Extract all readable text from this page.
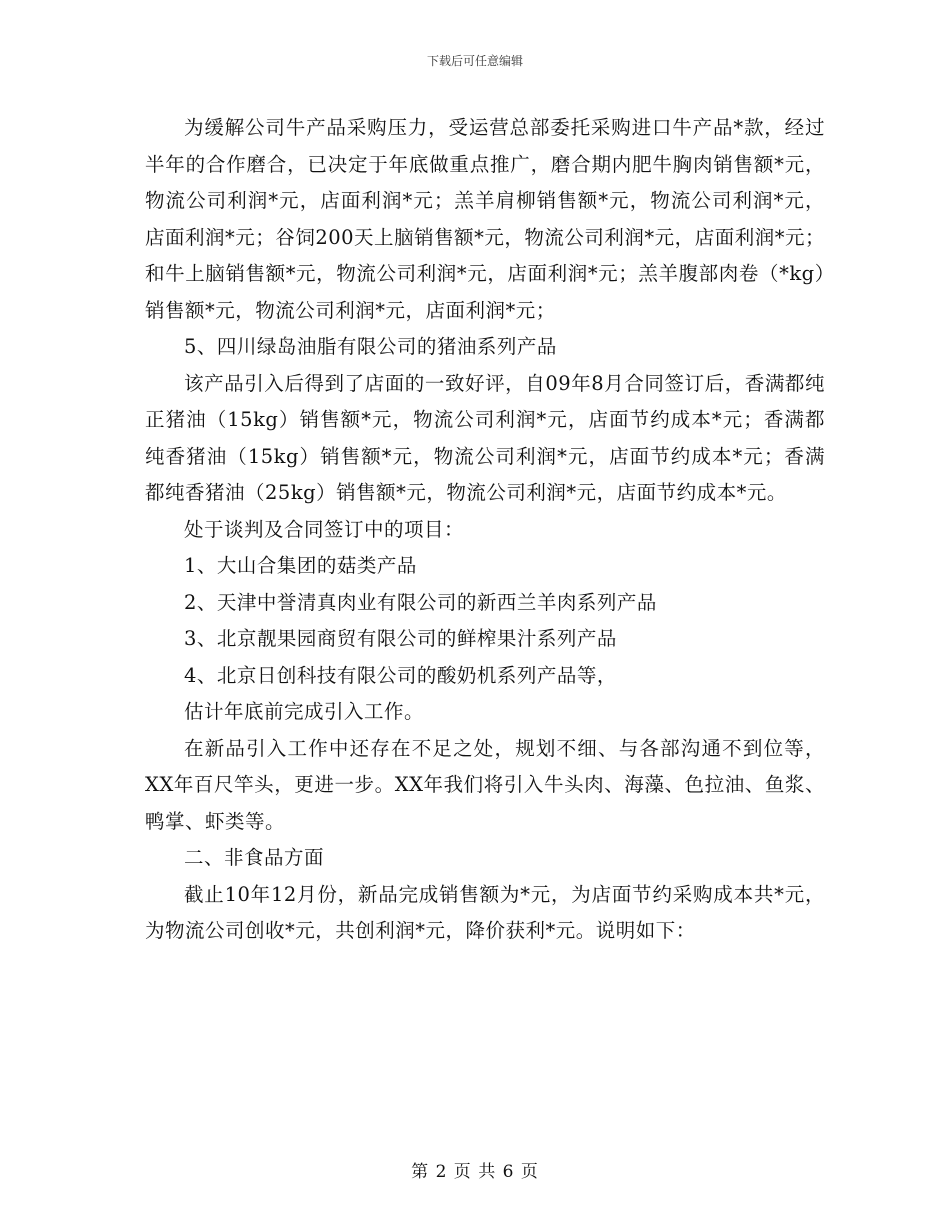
下载后可任意编辑

为缓解公司牛产品采购压力，受运营总部委托采购进口牛产品*款，经过半年的合作磨合，已决定于年底做重点推广，磨合期内肥牛胸肉销售额*元，物流公司利润*元，店面利润*元；羔羊肩柳销售额*元，物流公司利润*元，店面利润*元；谷饲200天上脑销售额*元，物流公司利润*元，店面利润*元；和牛上脑销售额*元，物流公司利润*元，店面利润*元；羔羊腹部肉卷（*kg）销售额*元，物流公司利润*元，店面利润*元；

5、四川绿岛油脂有限公司的猪油系列产品

该产品引入后得到了店面的一致好评，自09年8月合同签订后，香满都纯正猪油（15kg）销售额*元，物流公司利润*元，店面节约成本*元；香满都纯香猪油（15kg）销售额*元，物流公司利润*元，店面节约成本*元；香满都纯香猪油（25kg）销售额*元，物流公司利润*元，店面节约成本*元。

处于谈判及合同签订中的项目：

1、大山合集团的菇类产品

2、天津中誉清真肉业有限公司的新西兰羊肉系列产品

3、北京靓果园商贸有限公司的鲜榨果汁系列产品

4、北京日创科技有限公司的酸奶机系列产品等，

估计年底前完成引入工作。

在新品引入工作中还存在不足之处，规划不细、与各部沟通不到位等，XX年百尺竿头，更进一步。XX年我们将引入牛头肉、海藻、色拉油、鱼浆、鸭掌、虾类等。

二、非食品方面

截止10年12月份，新品完成销售额为*元，为店面节约采购成本共*元，为物流公司创收*元，共创利润*元，降价获利*元。说明如下：

第 2 页 共 6 页
